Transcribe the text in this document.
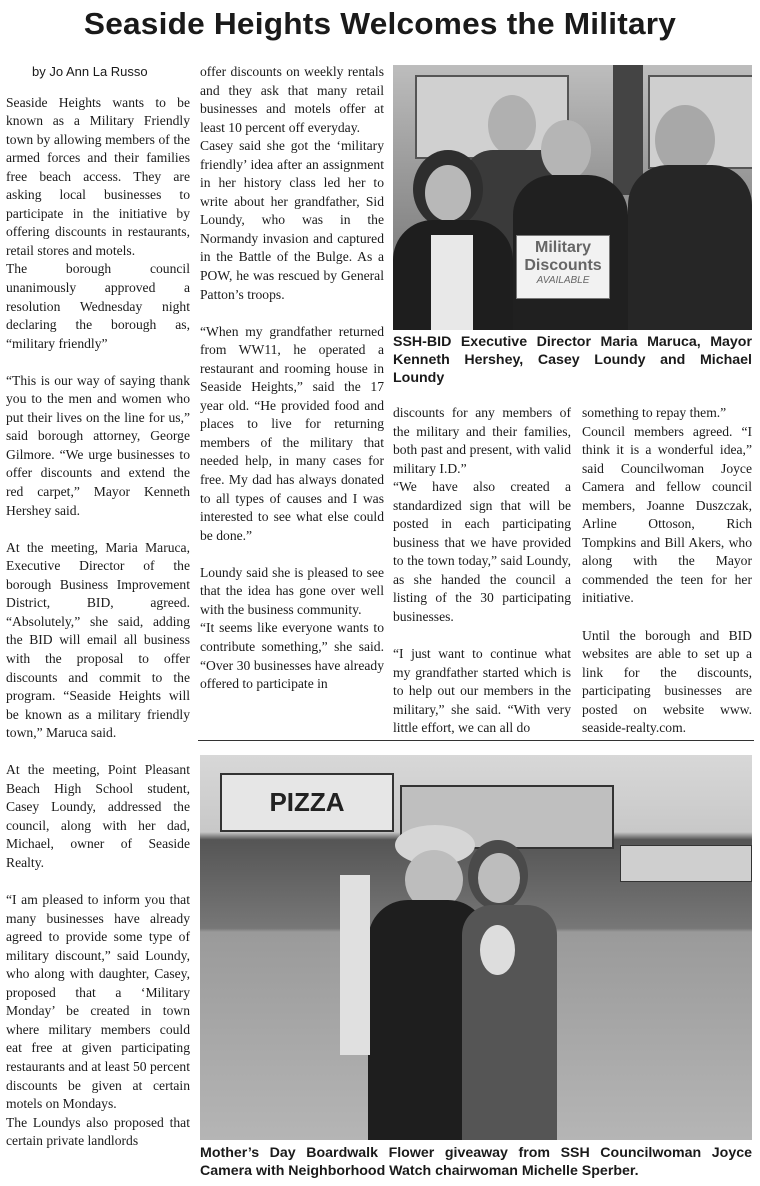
Seaside Heights Welcomes the Military

by Jo Ann La Russo

Seaside Heights wants to be known as a Military Friendly town by allowing members of the armed forces and their families free beach access. They are asking local businesses to participate in the initiative by offering discounts in restaurants, retail stores and motels.

The borough council unanimously approved a resolution Wednesday night declaring the borough as, “military friendly”

“This is our way of saying thank you to the men and women who put their lives on the line for us,” said borough attorney, George Gilmore. “We urge businesses to offer discounts and extend the red carpet,” Mayor Kenneth Hershey said.

At the meeting, Maria Maruca, Executive Director of the borough Business Improvement District, BID, agreed. “Absolutely,” she said, adding the BID will email all business with the proposal to offer discounts and commit to the program. “Seaside Heights will be known as a military friendly town,” Maruca said.

At the meeting, Point Pleasant Beach High School student, Casey Loundy, addressed the council, along with her dad, Michael, owner of Seaside Realty.

“I am pleased to inform you that many businesses have already agreed to provide some type of military discount,” said Loundy, who along with daughter, Casey, proposed that a ‘Military Monday’ be created in town where military members could eat free at given participating restaurants and at least 50 percent discounts be given at certain motels on Mondays.

The Loundys also proposed that certain private landlords

offer discounts on weekly rentals and they ask that many retail businesses and motels offer at least 10 percent off everyday.

Casey said she got the ‘military friendly’ idea after an assignment in her history class led her to write about her grandfather, Sid Loundy, who was in the Normandy invasion and captured in the Battle of the Bulge. As a POW, he was rescued by General Patton’s troops.

“When my grandfather returned from WW11, he operated a restaurant and rooming house in Seaside Heights,” said the 17 year old. “He provided food and places to live for returning members of the military that needed help, in many cases for free. My dad has always donated to all types of causes and I was interested to see what else could be done.”

Loundy said she is pleased to see that the idea has gone over well with the business community.

“It seems like everyone wants to contribute something,” she said. “Over 30 businesses have already offered to participate in

Military
Discounts
AVAILABLE

SSH-BID Executive Director Maria Maruca, Mayor Kenneth Hershey, Casey Loundy and Michael Loundy

discounts for any members of the military and their families, both past and present, with valid military I.D.”

“We have also created a standardized sign that will be posted in each participating business that we have provided to the town today,” said Loundy, as she handed the council a listing of the 30 participating businesses.

“I just want to continue what my grandfather started which is to help out our members in the military,” she said. “With very little effort, we can all do

something to repay them.”

Council members agreed. “I think it is a wonderful idea,” said Councilwoman Joyce Camera and fellow council members, Joanne Duszczak, Arline Ottoson, Rich Tompkins and Bill Akers, who along with the Mayor commended the teen for her initiative.

Until the borough and BID websites are able to set up a link for the discounts, participating businesses are posted on website www. seaside-realty.com.

PIZZA

Mother’s Day Boardwalk Flower giveaway from SSH Councilwoman Joyce Camera with Neighborhood Watch chairwoman Michelle Sperber.
